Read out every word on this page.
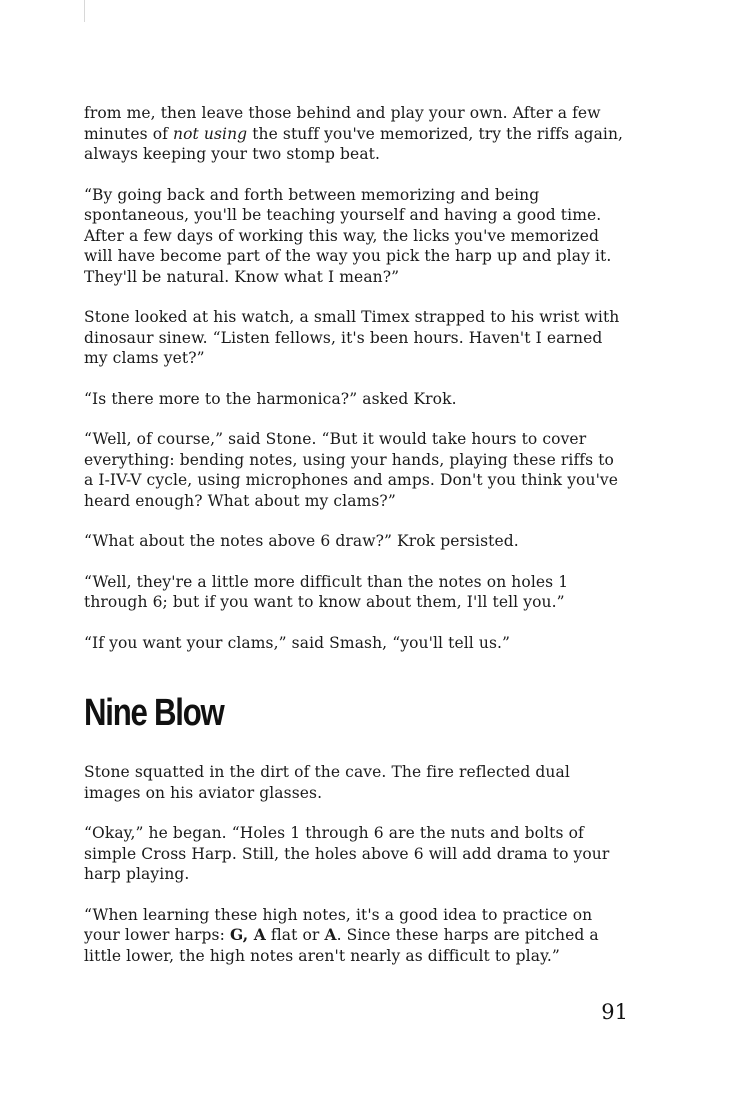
from me, then leave those behind and play your own. After a few minutes of not using the stuff you've memorized, try the riffs again, always keeping your two stomp beat.

“By going back and forth between memorizing and being spontaneous, you'll be teaching yourself and having a good time. After a few days of working this way, the licks you've memorized will have become part of the way you pick the harp up and play it. They'll be natural. Know what I mean?”

Stone looked at his watch, a small Timex strapped to his wrist with dinosaur sinew. “Listen fellows, it's been hours. Haven't I earned my clams yet?”

“Is there more to the harmonica?” asked Krok.

“Well, of course,” said Stone. “But it would take hours to cover everything: bending notes, using your hands, playing these riffs to a I-IV-V cycle, using microphones and amps. Don't you think you've heard enough? What about my clams?”

“What about the notes above 6 draw?” Krok persisted.

“Well, they're a little more difficult than the notes on holes 1 through 6; but if you want to know about them, I'll tell you.”

“If you want your clams,” said Smash, “you'll tell us.”

Nine Blow

Stone squatted in the dirt of the cave. The fire reflected dual images on his aviator glasses.

“Okay,” he began. “Holes 1 through 6 are the nuts and bolts of simple Cross Harp. Still, the holes above 6 will add drama to your harp playing.

“When learning these high notes, it's a good idea to practice on your lower harps: G, A flat or A. Since these harps are pitched a little lower, the high notes aren't nearly as difficult to play.”

91
